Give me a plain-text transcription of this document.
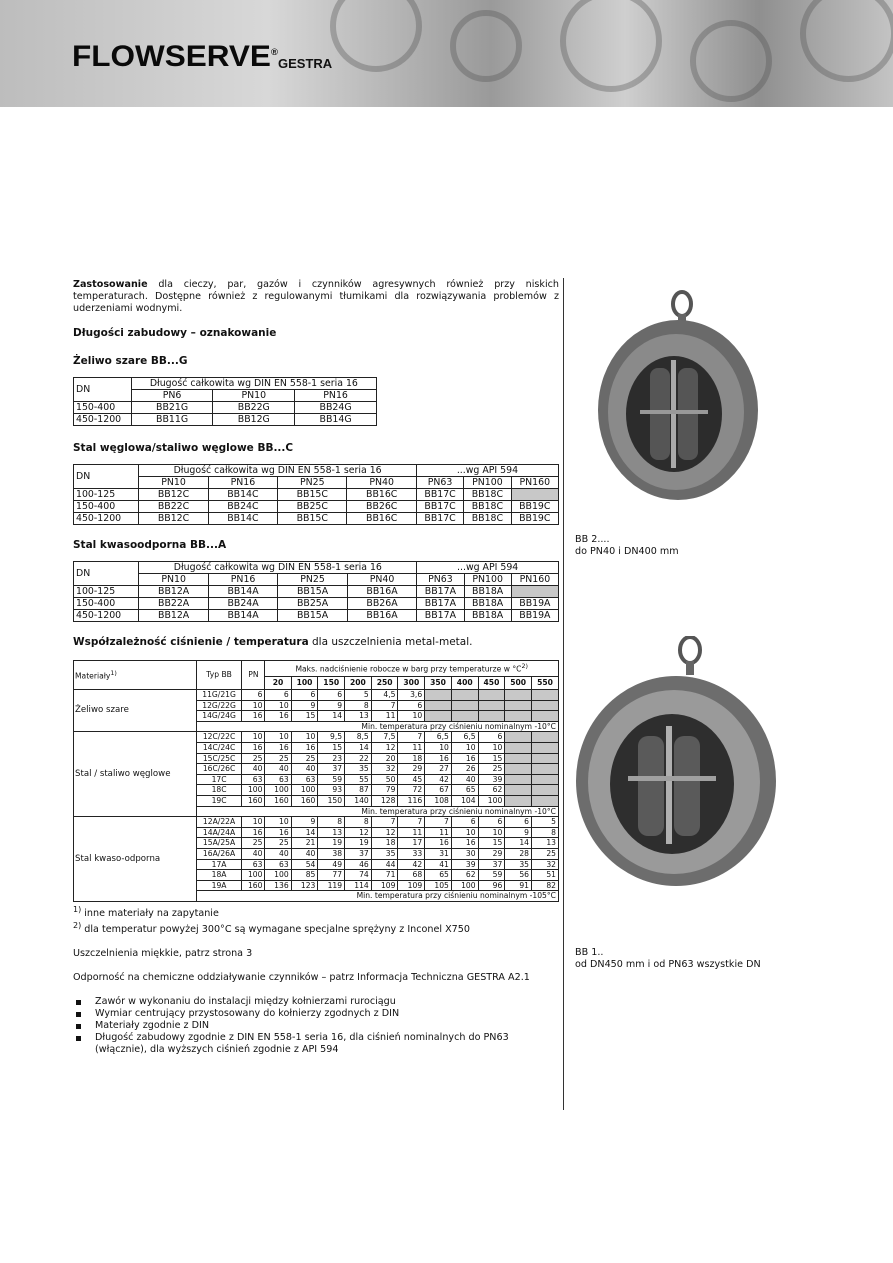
FLOWSERVE®
GESTRA

Zastosowanie dla cieczy, par, gazów i czynników agresywnych również przy niskich temperaturach. Dostępne również z regulowanymi tłumikami dla rozwiązywania problemów z uderzeniami wodnymi.

Długości zabudowy – oznakowanie

Żeliwo szare BB...G

DN	Długość całkowita wg DIN EN 558-1 seria 16		
	PN6	PN10	PN16
150-400	BB21G	BB22G	BB24G
450-1200	BB11G	BB12G	BB14G

Stal węglowa/staliwo węglowe BB...C

DN	Długość całkowita wg DIN EN 558-1 seria 16				...wg API 594		
	PN10	PN16	PN25	PN40	PN63	PN100	PN160
100-125	BB12C	BB14C	BB15C	BB16C	BB17C	BB18C	
150-400	BB22C	BB24C	BB25C	BB26C	BB17C	BB18C	BB19C
450-1200	BB12C	BB14C	BB15C	BB16C	BB17C	BB18C	BB19C

Stal kwasoodporna BB...A

DN	Długość całkowita wg DIN EN 558-1 seria 16				...wg API 594		
	PN10	PN16	PN25	PN40	PN63	PN100	PN160
100-125	BB12A	BB14A	BB15A	BB16A	BB17A	BB18A	
150-400	BB22A	BB24A	BB25A	BB26A	BB17A	BB18A	BB19A
450-1200	BB12A	BB14A	BB15A	BB16A	BB17A	BB18A	BB19A

Współzależność ciśnienie / temperatura dla uszczelnienia metal-metal.

Materiały$^{1)}$	Typ BB	PN	Maks. nadciśnienie robocze w barg przy temperaturze w $^\circ C^{2)}$
			20	100	150	200	250	300	350	400	450	500	550
Żeliwo szare	11G/21G	6	6	6	6	5	4,5	3,6					
	12G/22G	10	10	9	9	8	7	6					
	14G/24G	16	16	15	14	13	11	10					
	Min. temperatura przy ciśnieniu nominalnym -10°C												
Stal / staliwo węglowe	12C/22C	10	10	10	9,5	8,5	7,5	7	6,5	6,5	6		
	14C/24C	16	16	16	15	14	12	11	10	10	10		
	15C/25C	25	25	25	23	22	20	18	16	16	15		
	16C/26C	40	40	40	37	35	32	29	27	26	25		
	17C	63	63	63	59	55	50	45	42	40	39		
	18C	100	100	100	93	87	79	72	67	65	62		
	19C	160	160	160	150	140	128	116	108	104	100		
	Min. temperatura przy ciśnieniu nominalnym -10°C												
Stal kwaso-odporna	12A/22A	10	10	9	8	8	7	7	7	6	6	6	5
	14A/24A	16	16	14	13	12	12	11	11	10	10	9	8
	15A/25A	25	25	21	19	19	18	17	16	16	15	14	13
	16A/26A	40	40	40	38	37	35	33	31	30	29	28	25
	17A	63	63	54	49	46	44	42	41	39	37	35	32
	18A	100	100	85	77	74	71	68	65	62	59	56	51
	19A	160	136	123	119	114	109	109	105	100	96	91	82
	Min. temperatura przy ciśnieniu nominalnym -105°C												

$^{1)}$ inne materiały na zapytanie

$^{2)}$ dla temperatur powyżej 300°C są wymagane specjalne sprężyny z Inconel X750

Uszczelnienia miękkie, patrz strona 3

Odporność na chemiczne oddziaływanie czynników – patrz Informacja Techniczna GESTRA A2.1

Zawór w wykonaniu do instalacji między kołnierzami rurociągu
Wymiar centrujący przystosowany do kołnierzy zgodnych z DIN
Materiały zgodnie z DIN
Długość zabudowy zgodnie z DIN EN 558-1 seria 16, dla ciśnień nominalnych do PN63 (włącznie), dla wyższych ciśnień zgodnie z API 594
BB 2....
do PN40 i DN400 mm
BB 1..
od DN450 mm i od PN63 wszystkie DN
